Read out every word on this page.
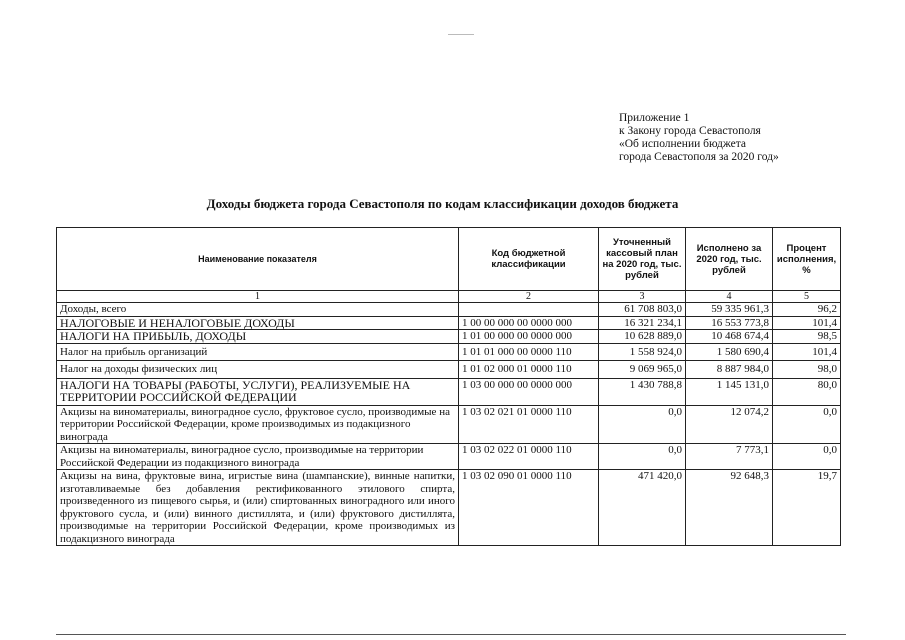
Приложение 1
к Закону города Севастополя
«Об исполнении бюджета
города Севастополя за 2020 год»
Доходы бюджета города Севастополя по кодам классификации доходов бюджета
Наименование показателя	Код бюджетной классификации	Уточненный кассовый план на 2020 год, тыс. рублей	Исполнено за 2020 год, тыс. рублей	Процент исполнения, %
1	2	3	4	5
Доходы, всего		61 708 803,0	59 335 961,3	96,2
НАЛОГОВЫЕ И НЕНАЛОГОВЫЕ ДОХОДЫ	1 00 00 000 00 0000 000	16 321 234,1	16 553 773,8	101,4
НАЛОГИ НА ПРИБЫЛЬ, ДОХОДЫ	1 01 00 000 00 0000 000	10 628 889,0	10 468 674,4	98,5
Налог на прибыль организаций	1 01 01 000 00 0000 110	1 558 924,0	1 580 690,4	101,4
Налог на доходы физических лиц	1 01 02 000 01 0000 110	9 069 965,0	8 887 984,0	98,0
НАЛОГИ НА ТОВАРЫ (РАБОТЫ, УСЛУГИ), РЕАЛИЗУЕМЫЕ НА ТЕРРИТОРИИ РОССИЙСКОЙ ФЕДЕРАЦИИ	1 03 00 000 00 0000 000	1 430 788,8	1 145 131,0	80,0
Акцизы на виноматериалы, виноградное сусло, фруктовое сусло, производимые на территории Российской Федерации, кроме производимых из подакцизного винограда	1 03 02 021 01 0000 110	0,0	12 074,2	0,0
Акцизы на виноматериалы, виноградное сусло, производимые на территории Российской Федерации из подакцизного винограда	1 03 02 022 01 0000 110	0,0	7 773,1	0,0
Акцизы на вина, фруктовые вина, игристые вина (шампанские), винные напитки, изготавливаемые без добавления ректификованного этилового спирта, произведенного из пищевого сырья, и (или) спиртованных виноградного или иного фруктового сусла, и (или) винного дистиллята, и (или) фруктового дистиллята, производимые на территории Российской Федерации, кроме производимых из подакцизного винограда	1 03 02 090 01 0000 110	471 420,0	92 648,3	19,7
